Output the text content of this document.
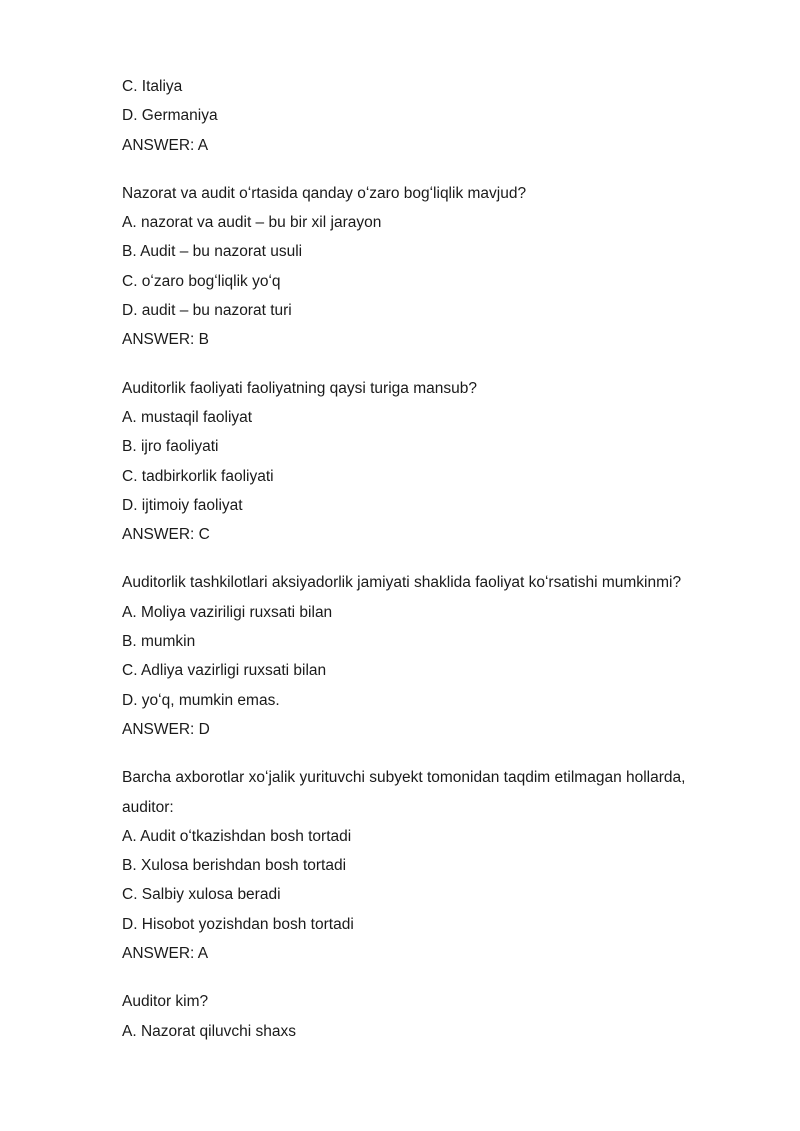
C. Italiya
D. Germaniya
ANSWER: A
Nazorat va audit oʻrtasida qanday oʻzaro bogʻliqlik mavjud?
A. nazorat va audit – bu bir xil jarayon
B. Audit – bu nazorat usuli
C. oʻzaro bogʻliqlik yoʻq
D. audit – bu nazorat turi
ANSWER: B
Auditorlik faoliyati faoliyatning qaysi turiga mansub?
A. mustaqil faoliyat
B. ijro faoliyati
C. tadbirkorlik faoliyati
D. ijtimoiy faoliyat
ANSWER: C
Auditorlik tashkilotlari aksiyadorlik jamiyati shaklida faoliyat koʻrsatishi mumkinmi?
A. Moliya vaziriligi ruxsati bilan
B. mumkin
C. Adliya vazirligi ruxsati bilan
D. yoʻq, mumkin emas.
ANSWER: D
Barcha axborotlar xoʻjalik yurituvchi subyekt tomonidan taqdim etilmagan hollarda, auditor:
A. Audit oʻtkazishdan bosh tortadi
B. Xulosa berishdan bosh tortadi
C. Salbiy xulosa beradi
D. Hisobot yozishdan bosh tortadi
ANSWER: A
Auditor kim?
A. Nazorat qiluvchi shaxs
